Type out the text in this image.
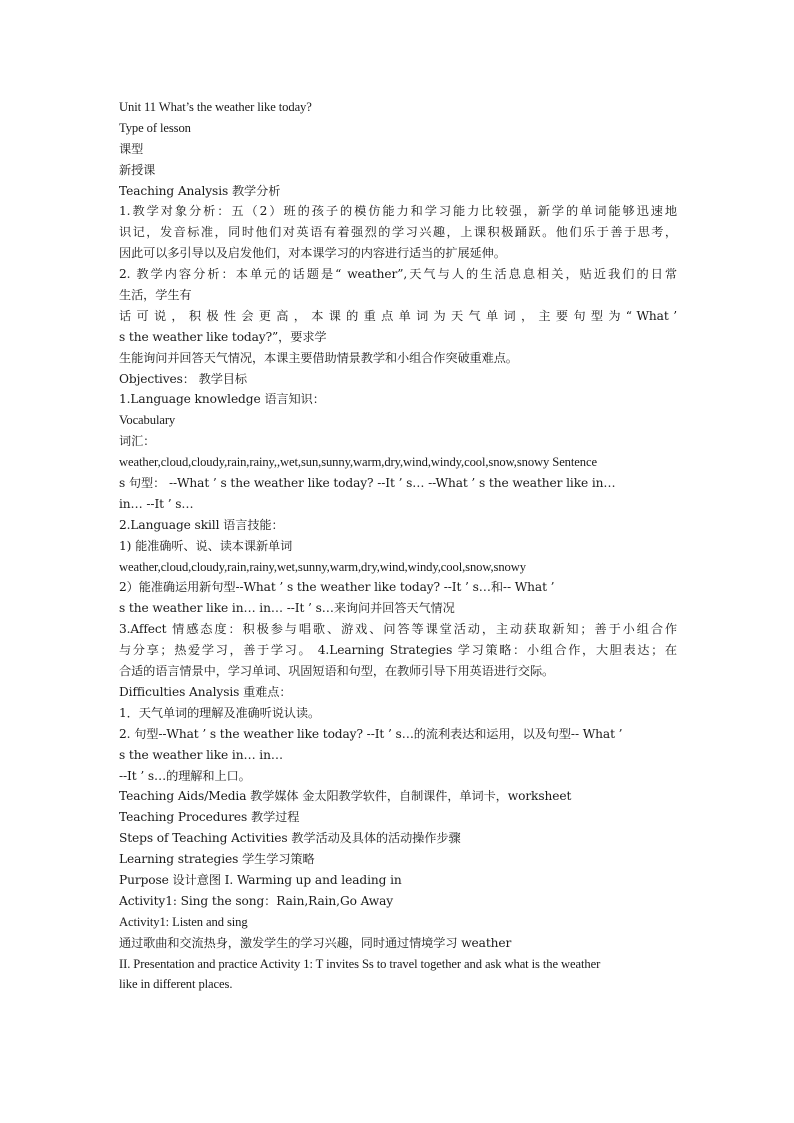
Unit 11 What’s the weather like today?
Type of lesson
课型
新授课
Teaching Analysis 教学分析
1.教学对象分析：五（2）班的孩子的模仿能力和学习能力比较强，新学的单词能够迅速地
识记，发音标准，同时他们对英语有着强烈的学习兴趣，上课积极踊跃。他们乐于善于思考，
因此可以多引导以及启发他们，对本课学习的内容进行适当的扩展延伸。
2. 教学内容分析：本单元的话题是“ weather”,天气与人的生活息息相关，贴近我们的日常
生活，学生有
话 可 说 ， 积 极 性 会 更 高 ， 本 课 的 重 点 单 词 为 天 气 单 词 ， 主 要 句 型 为 “ What ’
s the weather like today?”，要求学
生能询问并回答天气情况，本课主要借助情景教学和小组合作突破重难点。
Objectives： 教学目标
1.Language knowledge 语言知识：
Vocabulary
词汇：
weather,cloud,cloudy,rain,rainy,,wet,sun,sunny,warm,dry,wind,windy,cool,snow,snowy Sentence
s 句型： --What ’ s the weather like today? --It ’ s… --What ’ s the weather like in…
in… --It ’ s…
2.Language skill 语言技能：
1) 能准确听、说、读本课新单词
weather,cloud,cloudy,rain,rainy,wet,sunny,warm,dry,wind,windy,cool,snow,snowy
2）能准确运用新句型--What ’ s the weather like today? --It ’ s…和-- What ’
s the weather like in… in… --It ’ s…来询问并回答天气情况
3.Affect 情感态度：积极参与唱歌、游戏、问答等课堂活动，主动获取新知；善于小组合作
与分享；热爱学习，善于学习。 4.Learning Strategies 学习策略：小组合作，大胆表达；在
合适的语言情景中，学习单词、巩固短语和句型，在教师引导下用英语进行交际。
Difficulties Analysis 重难点：
1．天气单词的理解及准确听说认读。
2. 句型--What ’ s the weather like today? --It ’ s…的流利表达和运用，以及句型-- What ’
s the weather like in… in…
--It ’ s…的理解和上口。
Teaching Aids/Media 教学媒体 金太阳教学软件，自制课件，单词卡，worksheet
Teaching Procedures 教学过程
Steps of Teaching Activities 教学活动及具体的活动操作步骤
Learning strategies 学生学习策略
Purpose 设计意图 I. Warming up and leading in
Activity1: Sing the song：Rain,Rain,Go Away
Activity1: Listen and sing
通过歌曲和交流热身，激发学生的学习兴趣，同时通过情境学习 weather
II. Presentation and practice Activity 1: T invites Ss to travel together and ask what is the weather
like in different places.
